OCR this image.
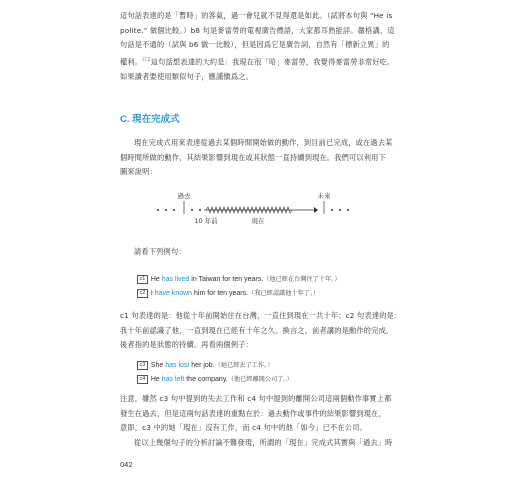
這句話表達的是「暫時」的客氣，過一會兒就不見得還是如此。（試將本句與 "He is
polite." 做個比較。）b8 句是麥當勞的電視廣告標語，大家都耳熟能詳。嚴格講，這
句話是不通的（試與 b6 做一比較），但是因爲它是廣告詞，自然有「標新立異」的
權利。$^{註2}$這句話想表達的大約是：我現在很「哈」麥當勞，我覺得麥當勞非常好吃。
如果讀者要使用類似句子，應謹愼爲之。
C. 現在完成式
現在完成式用來表達從過去某個時間開始做的動作，到目前已完成，或在過去某
個時間所做的動作，其結果影響到現在或其狀態一直持續到現在。我們可以利用下
圖來說明：
過去	未來
10 年前	現在
請看下列例句：
c1 He has lived in Taiwan for ten years.（他已經在台灣住了十年。）
c2 I have known him for ten years.（我已經認識他十年了。）
c1 句表達的是：他從十年前開始住在台灣，一直住到現在一共十年；c2 句表達的是：
我十年前認識了他，一直到現在已經有十年之久。換言之，前者講的是動作的完成，
後者指的是狀態的持續。再看兩個例子：
c3 She has lost her job.（她已經丟了工作。）
c4 He has left the company.（他已經離開公司了。）
注意，雖然 c3 句中提到的失去工作和 c4 句中提到的離開公司這兩個動作事實上都
發生在過去，但是這兩句話表達的重點在於：過去動作或事件的結果影響到現在，
意即，c3 中的她「現在」沒有工作，而 c4 句中的他「如今」已不在公司。
從以上幾個句子的分析討論不難發現，所謂的「現在」完成式其實與「過去」時
042
